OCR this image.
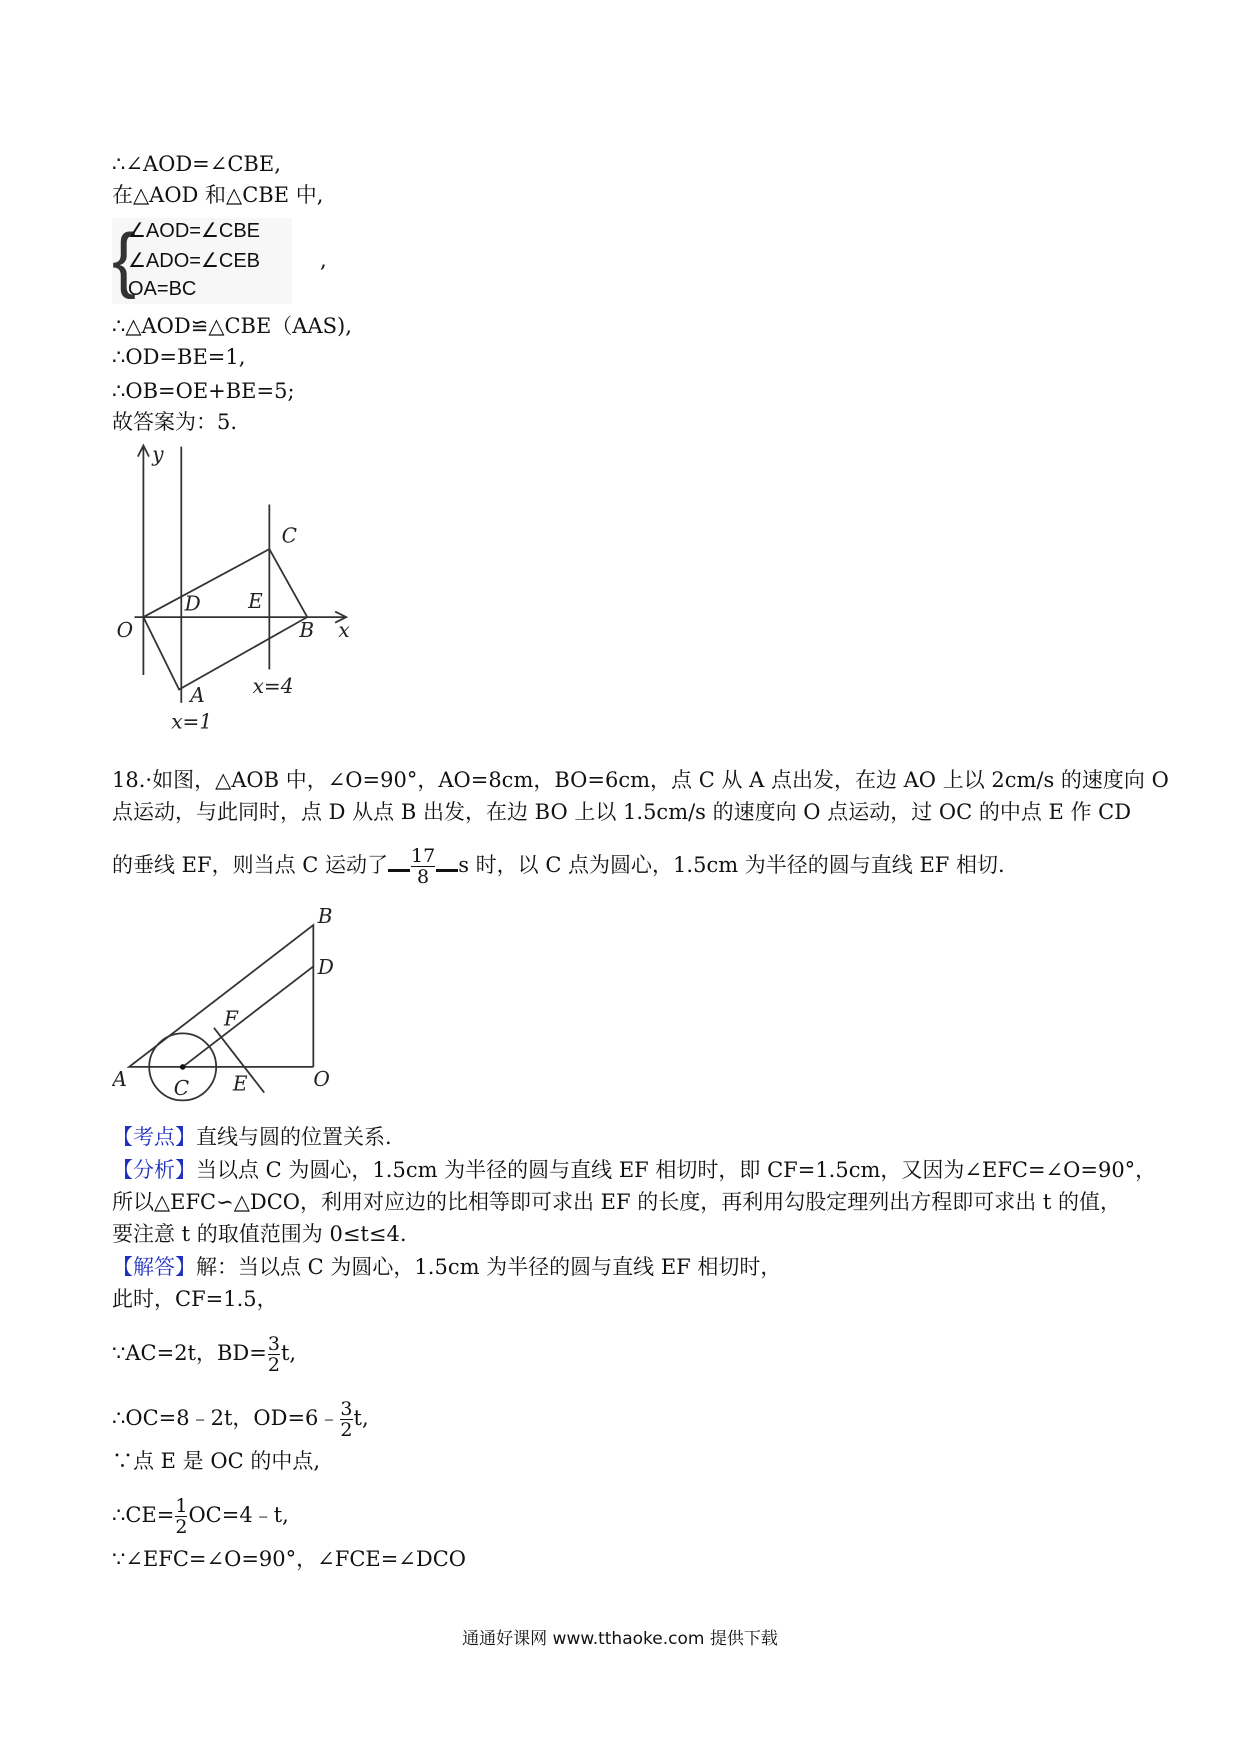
∴∠AOD=∠CBE,
在△AOD 和△CBE 中,
{
∠AOD=∠CBE
∠ADO=∠CEB
OA=BC
,
∴△AOD≌△CBE（AAS),
∴OD=BE=1,
∴OB=OE+BE=5;
故答案为：5.
y
C
D	E
O	B x
A	x=4
x=1
18.·如图，△AOB 中，∠O=90°，AO=8cm，BO=6cm，点 C 从 A 点出发，在边 AO 上以 2cm/s 的速度向 O
点运动，与此同时，点 D 从点 B 出发，在边 BO 上以 1.5cm/s 的速度向 O 点运动，过 OC 的中点 E 作 CD
的垂线 EF，则当点 C 运动了 $\frac{17}{8}$ s 时，以 C 点为圆心，1.5cm 为半径的圆与直线 EF 相切.
B
D
F
A	C E	O
【考点】直线与圆的位置关系.
【分析】当以点 C 为圆心，1.5cm 为半径的圆与直线 EF 相切时，即 CF=1.5cm，又因为∠EFC=∠O=90°，
所以△EFC∽△DCO，利用对应边的比相等即可求出 EF 的长度，再利用勾股定理列出方程即可求出 t 的值，
要注意 t 的取值范围为 0≤t≤4.
【解答】解：当以点 C 为圆心，1.5cm 为半径的圆与直线 EF 相切时，
此时，CF=1.5，
∵AC=2t，$BD= \frac{3}{2} t$,
∴OC=8﹣2t，OD=6﹣ $\frac{3}{2} t$,
∵点 E 是 OC 的中点,
∴CE= $\frac{1}{2}$ OC=4﹣t,
∵∠EFC=∠O=90°，∠FCE=∠DCO
通通好课网 www.tthaoke.com 提供下载
